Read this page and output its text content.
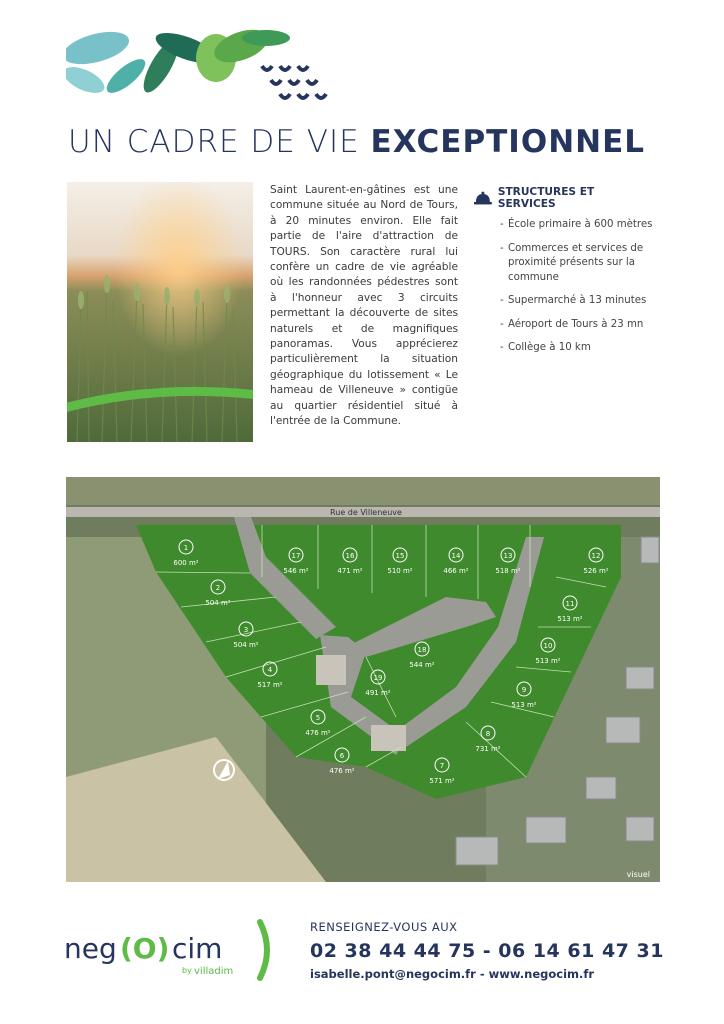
UN CADRE DE VIE EXCEPTIONNEL
Saint Laurent-en-gâtines est une commune située au Nord de Tours, à 20 minutes environ. Elle fait partie de l'aire d'attraction de TOURS. Son caractère rural lui confère un cadre de vie agréable où les randonnées pédestres sont à l'honneur avec 3 circuits permettant la découverte de sites naturels et de magnifiques panoramas. Vous apprécierez particulièrement la situation géographique du lotissement « Le hameau de Villeneuve » contigüe au quartier résidentiel situé à l'entrée de la Commune.
STRUCTURES ET SERVICES
- École primaire à 600 mètres
- Commerces et services de proximité présents sur la commune
- Supermarché à 13 minutes
- Aéroport de Tours à 23 mn
- Collège à 10 km
Rue de Villeneuve
1
600 m²
2
504 m²
3
504 m²
4
517 m²
5
476 m²
6
476 m²
7
571 m²
8
731 m²
9
513 m²
10
513 m²
11
513 m²
12
526 m²
13
518 m²
14
466 m²
15
510 m²
16
471 m²
17
546 m²
18
544 m²
19
491 m²
visuel
neg (O) cim
by villadim
RENSEIGNEZ-VOUS AUX
02 38 44 44 75 - 06 14 61 47 31
isabelle.pont@negocim.fr - www.negocim.fr
